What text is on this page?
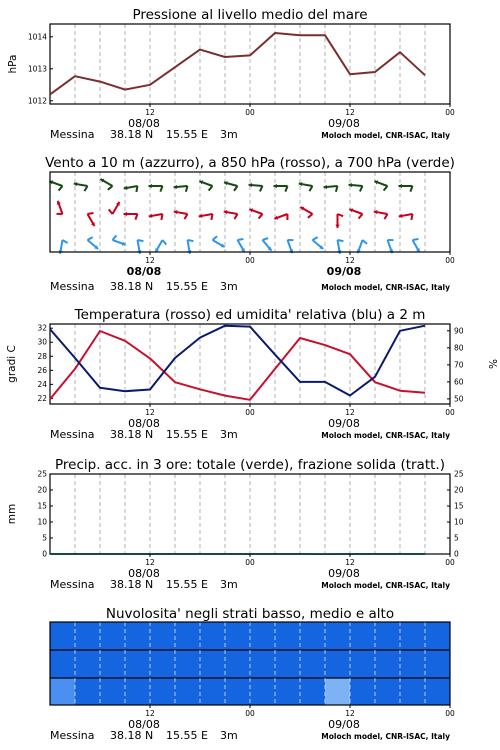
Pressione al livello medio del mare
hPa
1012
1013
1014
12	00	12	00
08/08	09/08
Messina 38.18 N 15.55 E 3m	Moloch model, CNR-ISAC, Italy
Vento a 10 m (azzurro), a 850 hPa (rosso), a 700 hPa (verde)
12	00	12	00
08/08	09/08
Messina 38.18 N 15.55 E 3m	Moloch model, CNR-ISAC, Italy
Temperatura (rosso) ed umidita' relativa (blu) a 2 m
gradi C	%
22
24
26
28
30
32
50
60
70
80
90
12	00	12	00
08/08	09/08
Messina 38.18 N 15.55 E 3m	Moloch model, CNR-ISAC, Italy
Precip. acc. in 3 ore: totale (verde), frazione solida (tratt.)
mm
0
5
10
15
20
25
0
5
10
15
20
25
12	00	12	00
08/08	09/08
Messina 38.18 N 15.55 E 3m	Moloch model, CNR-ISAC, Italy
Nuvolosita' negli strati basso, medio e alto
12	00	12	00
08/08	09/08
Messina 38.18 N 15.55 E 3m	Moloch model, CNR-ISAC, Italy
